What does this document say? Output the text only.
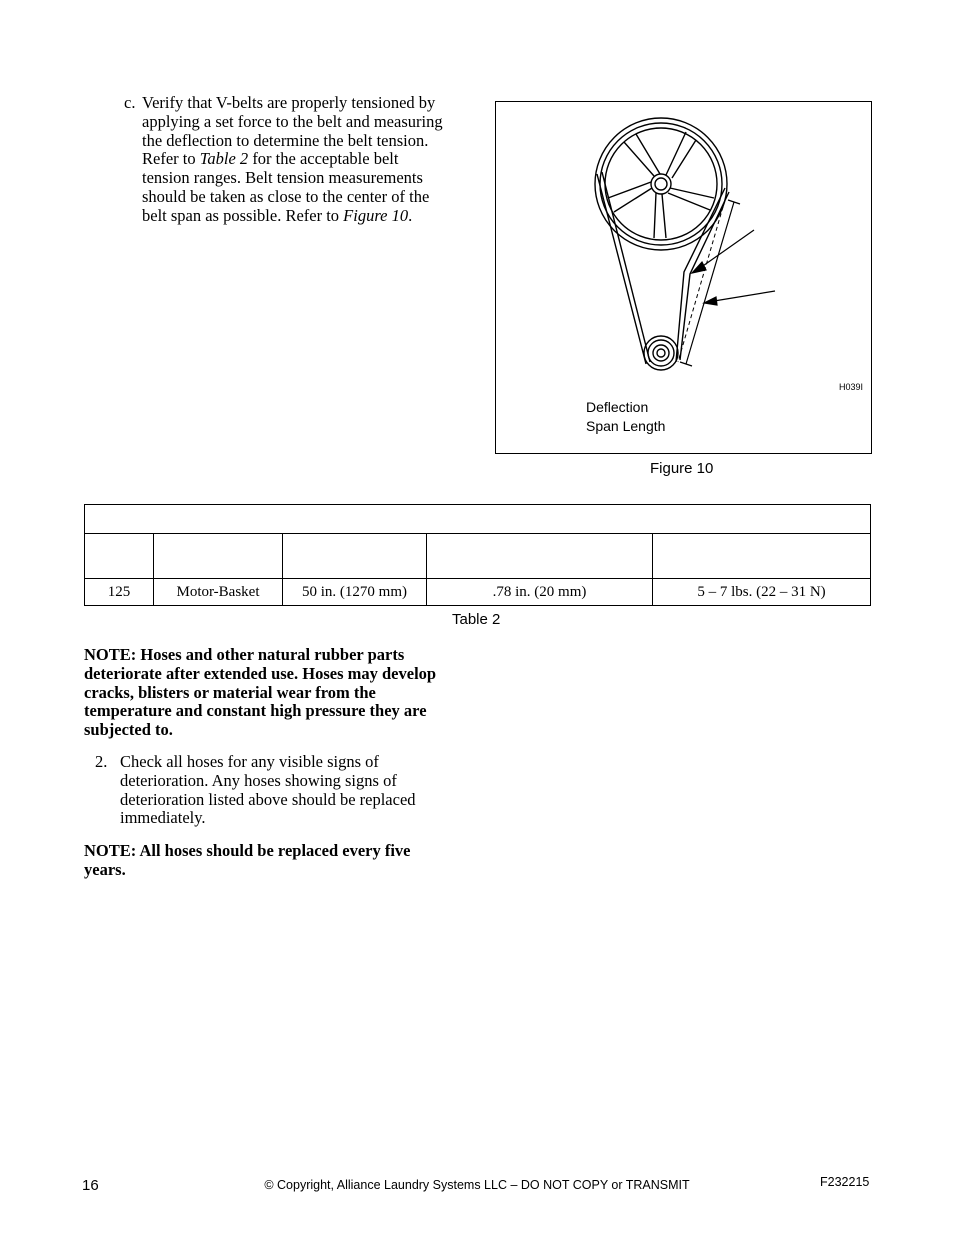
c. Verify that V-belts are properly tensioned by

applying a set force to the belt and measuring

the deflection to determine the belt tension.

Refer to Table 2 for the acceptable belt

tension ranges. Belt tension measurements

should be taken as close to the center of the

belt span as possible. Refer to Figure 10.

H039I
Deflection
Span Length
Figure 10

125	Motor-Basket	50 in. (1270 mm)	.78 in. (20 mm)	5 – 7 lbs. (22 – 31 N)
Table 2

NOTE: Hoses and other natural rubber parts

deteriorate after extended use. Hoses may develop

cracks, blisters or material wear from the

temperature and constant high pressure they are

subjected to.

2. Check all hoses for any visible signs of

deterioration. Any hoses showing signs of

deterioration listed above should be replaced

immediately.

NOTE: All hoses should be replaced every five

years.

16	© Copyright, Alliance Laundry Systems LLC – DO NOT COPY or TRANSMIT	F232215
